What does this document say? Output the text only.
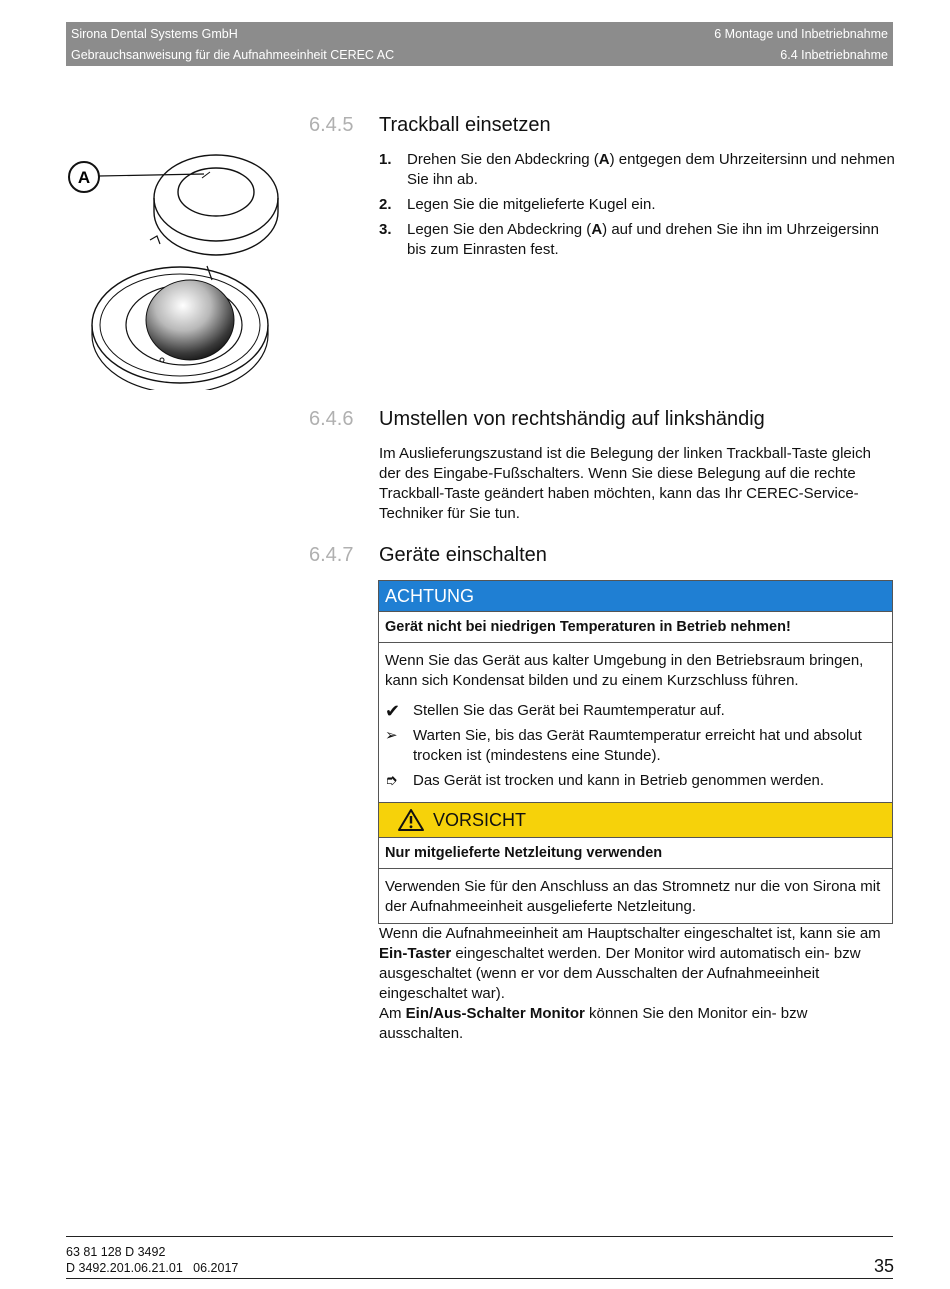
Sirona Dental Systems GmbH	6 Montage und Inbetriebnahme
Gebrauchsanweisung für die Aufnahmeeinheit CEREC AC	6.4 Inbetriebnahme
A
6.4.5 Trackball einsetzen
1. Drehen Sie den Abdeckring (A) entgegen dem Uhrzeitersinn und nehmen Sie ihn ab.
2. Legen Sie die mitgelieferte Kugel ein.
3. Legen Sie den Abdeckring (A) auf und drehen Sie ihn im Uhrzeigersinn bis zum Einrasten fest.
6.4.6 Umstellen von rechtshändig auf linkshändig

Im Auslieferungszustand ist die Belegung der linken Trackball-Taste gleich der des Eingabe-Fußschalters. Wenn Sie diese Belegung auf die rechte Trackball-Taste geändert haben möchten, kann das Ihr CEREC-Service-Techniker für Sie tun.

6.4.7 Geräte einschalten
ACHTUNG
Gerät nicht bei niedrigen Temperaturen in Betrieb nehmen!

Wenn Sie das Gerät aus kalter Umgebung in den Betriebsraum bringen, kann sich Kondensat bilden und zu einem Kurzschluss führen.

✔ Stellen Sie das Gerät bei Raumtemperatur auf.
➢	Warten Sie, bis das Gerät Raumtemperatur erreicht hat und absolut trocken ist (mindestens eine Stunde).
➮	Das Gerät ist trocken und kann in Betrieb genommen werden.
VORSICHT
Nur mitgelieferte Netzleitung verwenden

Verwenden Sie für den Anschluss an das Stromnetz nur die von Sirona mit der Aufnahmeeinheit ausgelieferte Netzleitung.

Wenn die Aufnahmeeinheit am Hauptschalter eingeschaltet ist, kann sie am Ein-Taster eingeschaltet werden. Der Monitor wird automatisch ein- bzw ausgeschaltet (wenn er vor dem Ausschalten der Aufnahmeeinheit eingeschaltet war).
Am Ein/Aus-Schalter Monitor können Sie den Monitor ein- bzw ausschalten.
63 81 128 D 3492
D 3492.201.06.21.01   06.2017	35
